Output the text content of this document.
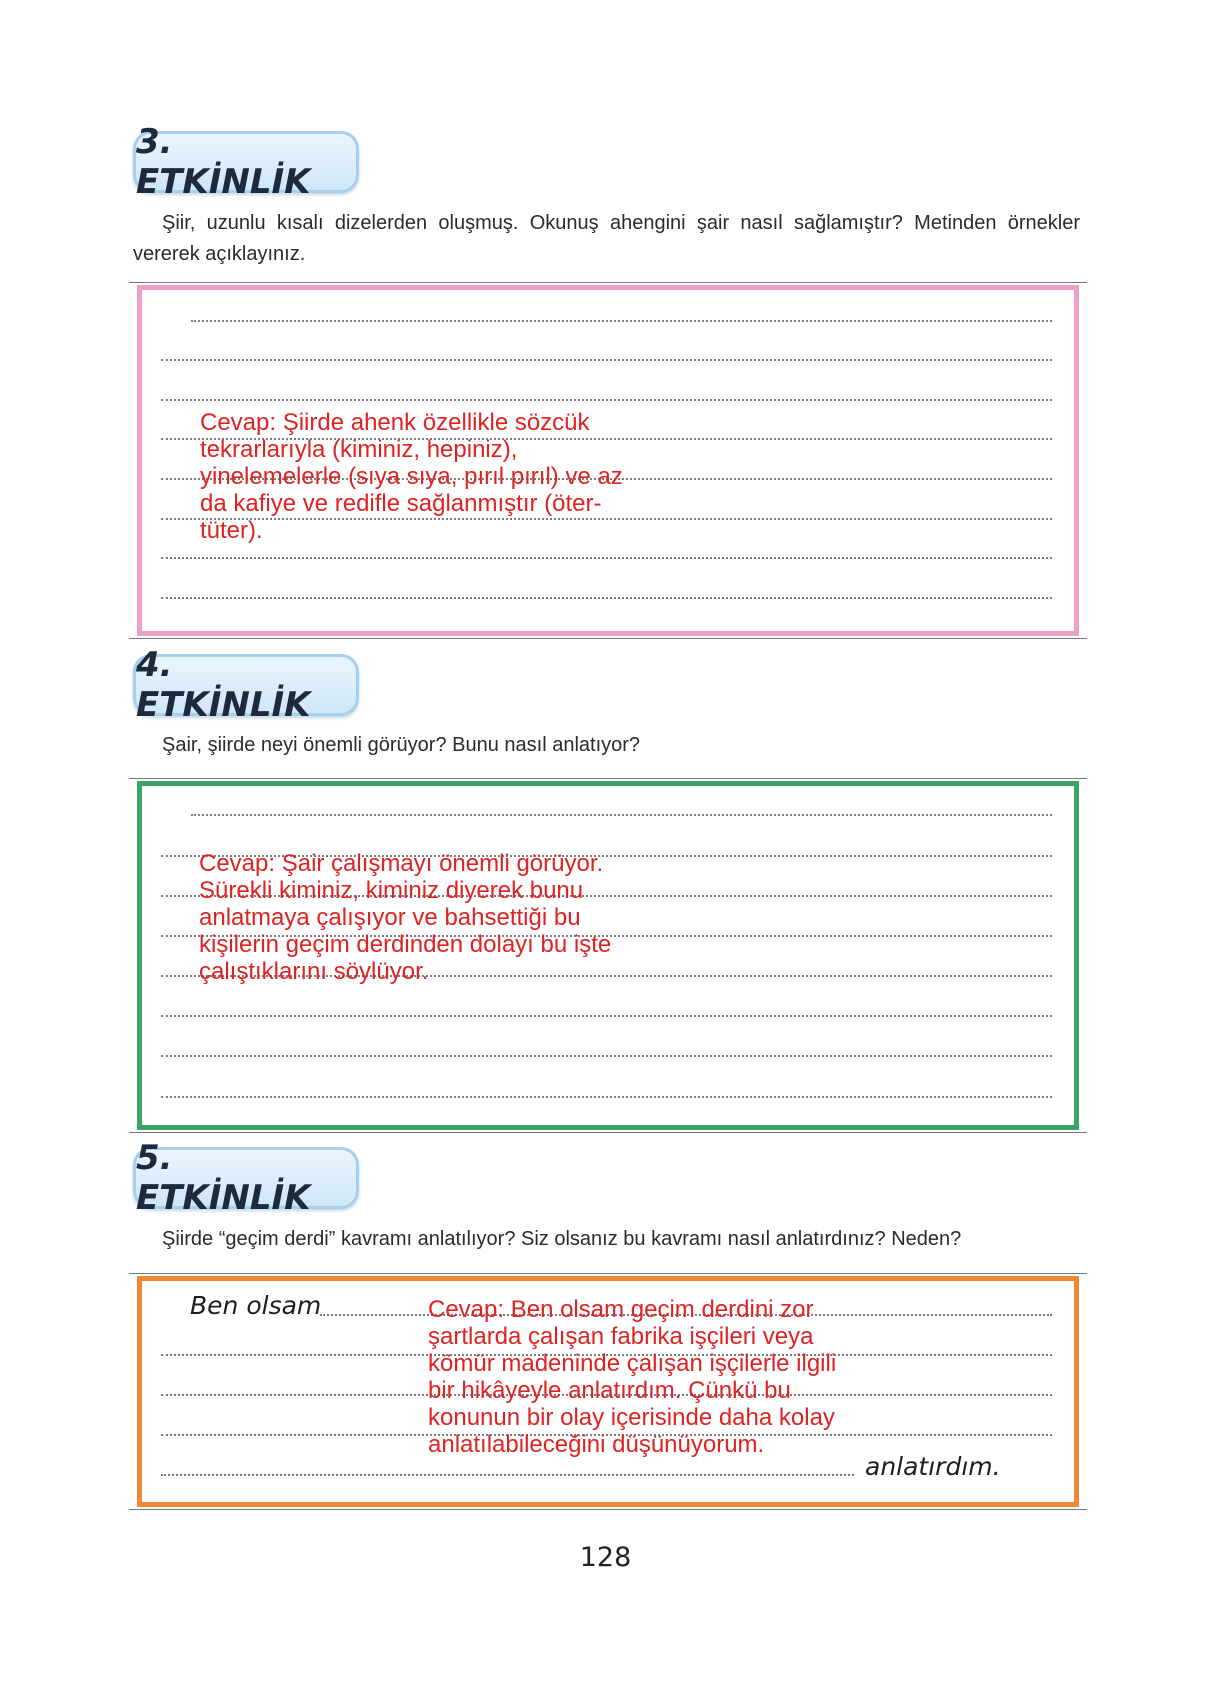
3. ETKİNLİK
Şiir, uzunlu kısalı dizelerden oluşmuş. Okunuş ahengini şair nasıl sağlamıştır? Metinden örnekler vererek açıklayınız.
Cevap: Şiirde ahenk özellikle sözcük tekrarlarıyla (kiminiz, hepiniz), yinelemelerle (sıya sıya, pırıl pırıl) ve az da kafiye ve redifle sağlanmıştır (öter-tüter).
4. ETKİNLİK
Şair, şiirde neyi önemli görüyor? Bunu nasıl anlatıyor?
Cevap: Şair çalışmayı önemli görüyor. Sürekli kiminiz, kiminiz diyerek bunu anlatmaya çalışıyor ve bahsettiği bu kişilerin geçim derdinden dolayı bu işte çalıştıklarını söylüyor.
5. ETKİNLİK
Şiirde “geçim derdi” kavramı anlatılıyor? Siz olsanız bu kavramı nasıl anlatırdınız? Neden?
Ben olsam
anlatırdım.
Cevap: Ben olsam geçim derdini zor şartlarda çalışan fabrika işçileri veya kömür madeninde çalışan işçilerle ilgili bir hikâyeyle anlatırdım. Çünkü bu konunun bir olay içerisinde daha kolay anlatılabileceğini düşünüyorum.
128
